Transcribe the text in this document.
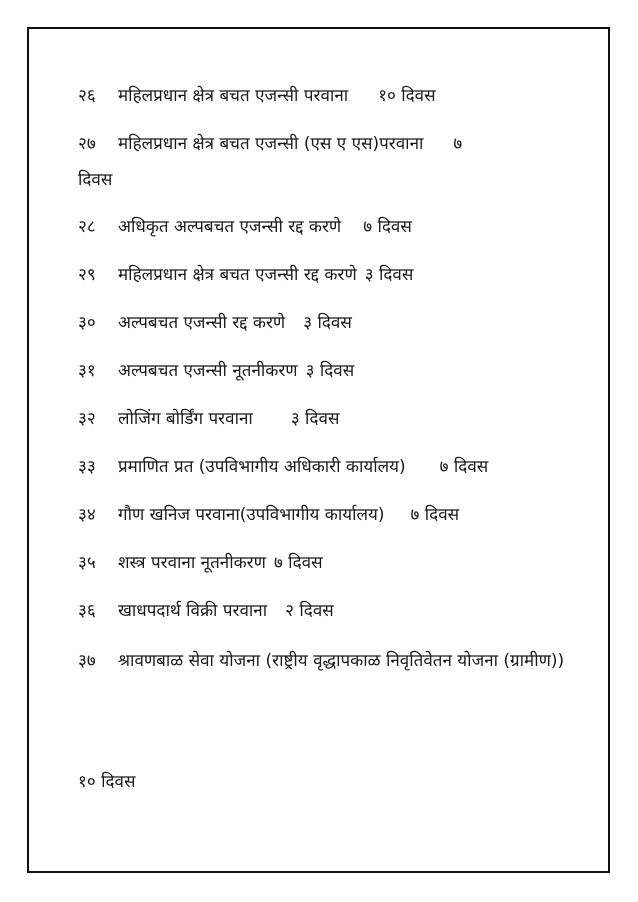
२६ महिलप्रधान क्षेत्र बचत एजन्सी परवाना १० दिवस
२७ महिलप्रधान क्षेत्र बचत एजन्सी (एस ए एस)परवाना ७
दिवस
२८ अधिकृत अल्पबचत एजन्सी रद्द करणे ७ दिवस
२९ महिलप्रधान क्षेत्र बचत एजन्सी रद्द करणे ३ दिवस
३० अल्पबचत एजन्सी रद्द करणे ३ दिवस
३१ अल्पबचत एजन्सी नूतनीकरण ३ दिवस
३२ लोजिंग बोर्डिंग परवाना ३ दिवस
३३ प्रमाणित प्रत (उपविभागीय अधिकारी कार्यालय) ७ दिवस
३४ गौण खनिज परवाना(उपविभागीय कार्यालय) ७ दिवस
३५ शस्त्र परवाना नूतनीकरण ७ दिवस
३६ खाधपदार्थ विक्री परवाना २ दिवस
३७ श्रावणबाळ सेवा योजना (राष्ट्रीय वृद्धापकाळ निवृतिवेतन योजना (ग्रामीण))
१० दिवस
